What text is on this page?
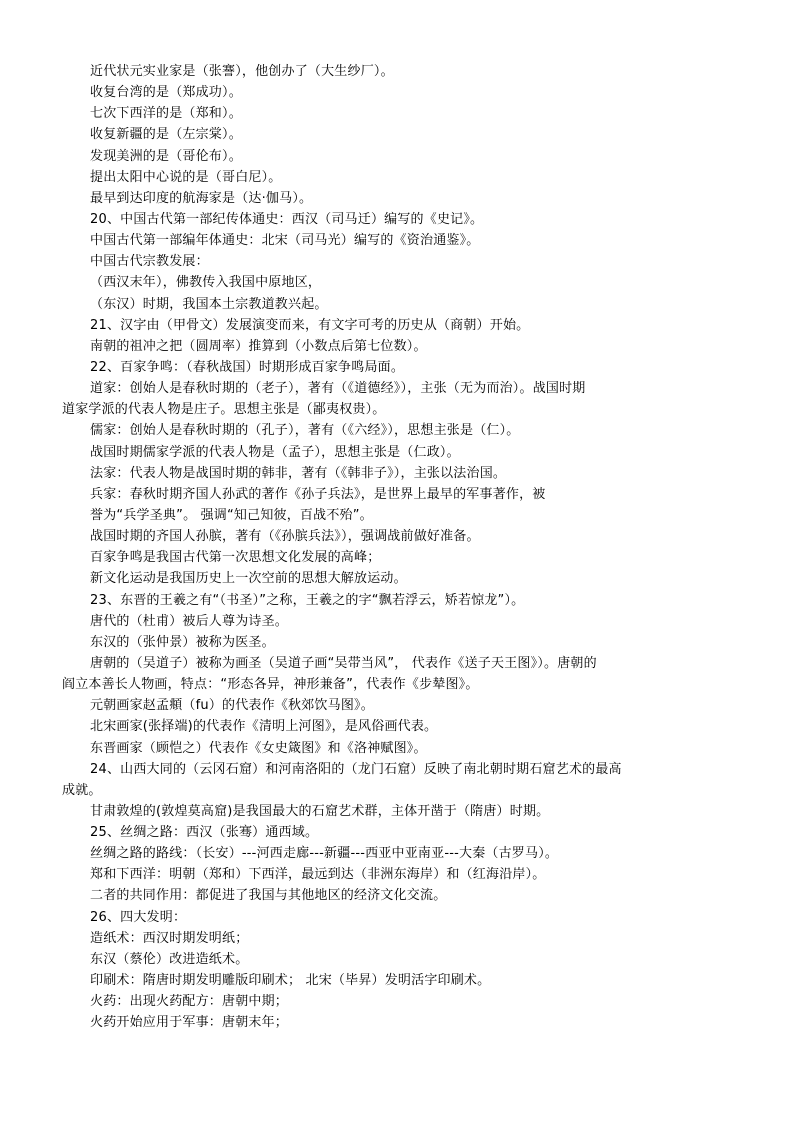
近代状元实业家是（张謇），他创办了（大生纱厂）。
收复台湾的是（郑成功）。
七次下西洋的是（郑和）。
收复新疆的是（左宗棠）。
发现美洲的是（哥伦布）。
提出太阳中心说的是（哥白尼）。
最早到达印度的航海家是（达·伽马）。
20、中国古代第一部纪传体通史：西汉（司马迁）编写的《史记》。
中国古代第一部编年体通史：北宋（司马光）编写的《资治通鉴》。
中国古代宗教发展：
（西汉末年），佛教传入我国中原地区，
（东汉）时期，我国本土宗教道教兴起。
21、汉字由（甲骨文）发展演变而来，有文字可考的历史从（商朝）开始。
南朝的祖冲之把（圆周率）推算到（小数点后第七位数）。
22、百家争鸣：（春秋战国）时期形成百家争鸣局面。
道家：创始人是春秋时期的（老子），著有（《道德经》），主张（无为而治）。战国时期
道家学派的代表人物是庄子。思想主张是（鄙夷权贵）。
儒家：创始人是春秋时期的（孔子），著有（《六经》），思想主张是（仁）。
战国时期儒家学派的代表人物是（孟子），思想主张是（仁政）。
法家：代表人物是战国时期的韩非，著有（《韩非子》），主张以法治国。
兵家：春秋时期齐国人孙武的著作《孙子兵法》，是世界上最早的军事著作，被
誉为“兵学圣典”。 强调“知己知彼，百战不殆”。
战国时期的齐国人孙膑，著有（《孙膑兵法》），强调战前做好准备。
百家争鸣是我国古代第一次思想文化发展的高峰；
新文化运动是我国历史上一次空前的思想大解放运动。
23、东晋的王羲之有“（书圣）”之称，王羲之的字“飘若浮云，矫若惊龙”）。
唐代的（杜甫）被后人尊为诗圣。
东汉的（张仲景）被称为医圣。
唐朝的（吴道子）被称为画圣（吴道子画“吴带当风”， 代表作《送子天王图》）。唐朝的
阎立本善长人物画，特点：“形态各异，神形兼备”，代表作《步辇图》。
元朝画家赵孟頫（fu）的代表作《秋郊饮马图》。
北宋画家(张择端)的代表作《清明上河图》，是风俗画代表。
东晋画家（顾恺之）代表作《女史箴图》和《洛神赋图》。
24、山西大同的（云冈石窟）和河南洛阳的（龙门石窟）反映了南北朝时期石窟艺术的最高
成就。
甘肃敦煌的(敦煌莫高窟)是我国最大的石窟艺术群，主体开凿于（隋唐）时期。
25、丝绸之路：西汉（张骞）通西域。
丝绸之路的路线：（长安）---河西走廊---新疆---西亚中亚南亚---大秦（古罗马）。
郑和下西洋：明朝（郑和）下西洋，最远到达（非洲东海岸）和（红海沿岸）。
二者的共同作用：都促进了我国与其他地区的经济文化交流。
26、四大发明：
造纸术：西汉时期发明纸；
东汉（蔡伦）改进造纸术。
印刷术：隋唐时期发明雕版印刷术； 北宋（毕昇）发明活字印刷术。
火药：出现火药配方：唐朝中期；
火药开始应用于军事：唐朝末年；
